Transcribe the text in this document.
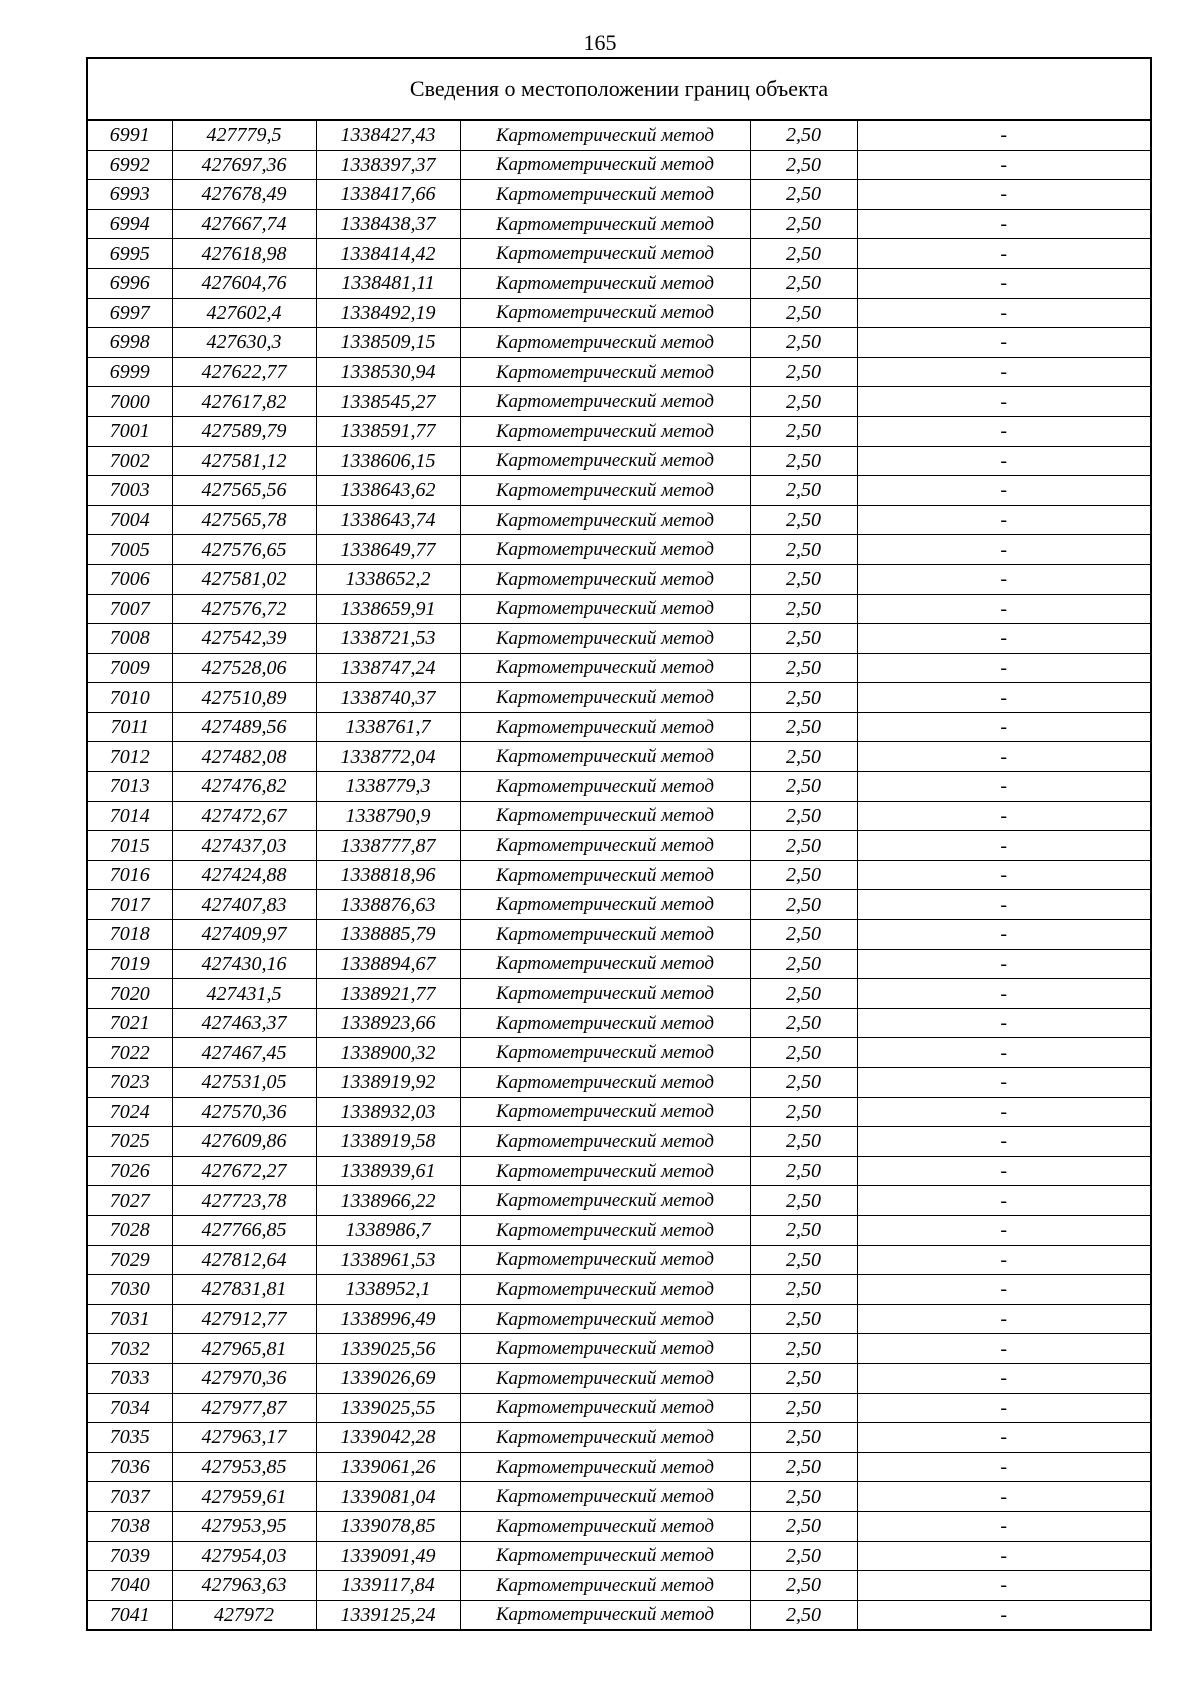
165
Сведения о местоположении границ объекта					
6991	427779,5	1338427,43	Картометрический метод	2,50	-
6992	427697,36	1338397,37	Картометрический метод	2,50	-
6993	427678,49	1338417,66	Картометрический метод	2,50	-
6994	427667,74	1338438,37	Картометрический метод	2,50	-
6995	427618,98	1338414,42	Картометрический метод	2,50	-
6996	427604,76	1338481,11	Картометрический метод	2,50	-
6997	427602,4	1338492,19	Картометрический метод	2,50	-
6998	427630,3	1338509,15	Картометрический метод	2,50	-
6999	427622,77	1338530,94	Картометрический метод	2,50	-
7000	427617,82	1338545,27	Картометрический метод	2,50	-
7001	427589,79	1338591,77	Картометрический метод	2,50	-
7002	427581,12	1338606,15	Картометрический метод	2,50	-
7003	427565,56	1338643,62	Картометрический метод	2,50	-
7004	427565,78	1338643,74	Картометрический метод	2,50	-
7005	427576,65	1338649,77	Картометрический метод	2,50	-
7006	427581,02	1338652,2	Картометрический метод	2,50	-
7007	427576,72	1338659,91	Картометрический метод	2,50	-
7008	427542,39	1338721,53	Картометрический метод	2,50	-
7009	427528,06	1338747,24	Картометрический метод	2,50	-
7010	427510,89	1338740,37	Картометрический метод	2,50	-
7011	427489,56	1338761,7	Картометрический метод	2,50	-
7012	427482,08	1338772,04	Картометрический метод	2,50	-
7013	427476,82	1338779,3	Картометрический метод	2,50	-
7014	427472,67	1338790,9	Картометрический метод	2,50	-
7015	427437,03	1338777,87	Картометрический метод	2,50	-
7016	427424,88	1338818,96	Картометрический метод	2,50	-
7017	427407,83	1338876,63	Картометрический метод	2,50	-
7018	427409,97	1338885,79	Картометрический метод	2,50	-
7019	427430,16	1338894,67	Картометрический метод	2,50	-
7020	427431,5	1338921,77	Картометрический метод	2,50	-
7021	427463,37	1338923,66	Картометрический метод	2,50	-
7022	427467,45	1338900,32	Картометрический метод	2,50	-
7023	427531,05	1338919,92	Картометрический метод	2,50	-
7024	427570,36	1338932,03	Картометрический метод	2,50	-
7025	427609,86	1338919,58	Картометрический метод	2,50	-
7026	427672,27	1338939,61	Картометрический метод	2,50	-
7027	427723,78	1338966,22	Картометрический метод	2,50	-
7028	427766,85	1338986,7	Картометрический метод	2,50	-
7029	427812,64	1338961,53	Картометрический метод	2,50	-
7030	427831,81	1338952,1	Картометрический метод	2,50	-
7031	427912,77	1338996,49	Картометрический метод	2,50	-
7032	427965,81	1339025,56	Картометрический метод	2,50	-
7033	427970,36	1339026,69	Картометрический метод	2,50	-
7034	427977,87	1339025,55	Картометрический метод	2,50	-
7035	427963,17	1339042,28	Картометрический метод	2,50	-
7036	427953,85	1339061,26	Картометрический метод	2,50	-
7037	427959,61	1339081,04	Картометрический метод	2,50	-
7038	427953,95	1339078,85	Картометрический метод	2,50	-
7039	427954,03	1339091,49	Картометрический метод	2,50	-
7040	427963,63	1339117,84	Картометрический метод	2,50	-
7041	427972	1339125,24	Картометрический метод	2,50	-
